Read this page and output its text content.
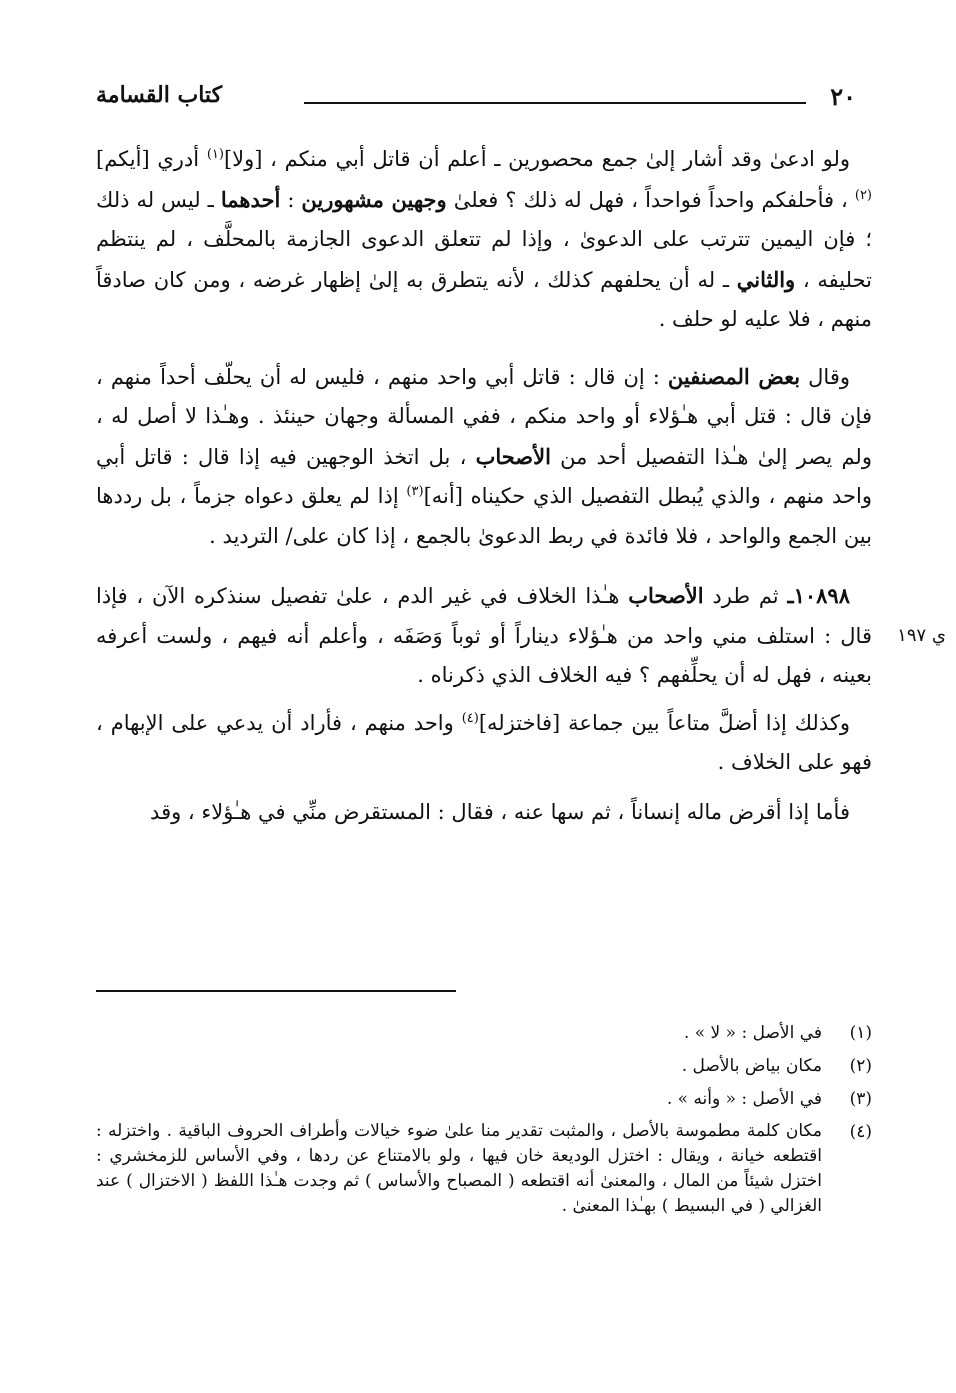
٢٠
كتاب القسامة

ولو ادعىٰ وقد أشار إلىٰ جمع محصورين ـ أعلم أن قاتل أبي منكم ، [ولا]$^{(١)}$ أدري [أيكم]$^{(٢)}$ ، فأحلفكم واحداً فواحداً ، فهل له ذلك ؟ فعلىٰ وجهين مشهورين : أحدهما ـ ليس له ذلك ؛ فإن اليمين تترتب على الدعوىٰ ، وإذا لم تتعلق الدعوى الجازمة بالمحلَّف ، لم ينتظم تحليفه ، والثاني ـ له أن يحلفهم كذلك ، لأنه يتطرق به إلىٰ إظهار غرضه ، ومن كان صادقاً منهم ، فلا عليه لو حلف .

وقال بعض المصنفين : إن قال : قاتل أبي واحد منهم ، فليس له أن يحلّف أحداً منهم ، فإن قال : قتل أبي هـٰؤلاء أو واحد منكم ، ففي المسألة وجهان حينئذ . وهـٰذا لا أصل له ، ولم يصر إلىٰ هـٰذا التفصيل أحد من الأصحاب ، بل اتخذ الوجهين فيه إذا قال : قاتل أبي واحد منهم ، والذي يُبطل التفصيل الذي حكيناه [أنه]$^{(٣)}$ إذا لم يعلق دعواه جزماً ، بل رددها بين الجمع والواحد ، فلا فائدة في ربط الدعوىٰ بالجمع ، إذا كان على/ الترديد .

١٠٨٩٨ـ ثم طرد الأصحاب هـٰذا الخلاف في غير الدم ، علىٰ تفصيل سنذكره الآن ، فإذا قال : استلف مني واحد من هـٰؤلاء ديناراً أو ثوباً وَصَفَه ، وأعلم أنه فيهم ، ولست أعرفه بعينه ، فهل له أن يحلِّفهم ؟ فيه الخلاف الذي ذكرناه .

وكذلك إذا أضلَّ متاعاً بين جماعة [فاختزله]$^{(٤)}$ واحد منهم ، فأراد أن يدعي على الإبهام ، فهو على الخلاف .

فأما إذا أقرض ماله إنساناً ، ثم سها عنه ، فقال : المستقرض منِّي في هـٰؤلاء ، وقد

ي ١٩٧
(١)
في الأصل : « لا » .
(٢)
مكان بياض بالأصل .
(٣)
في الأصل : « وأنه » .
(٤)
مكان كلمة مطموسة بالأصل ، والمثبت تقدير منا علىٰ ضوء خيالات وأطراف الحروف الباقية . واختزله : اقتطعه خيانة ، ويقال : اختزل الوديعة خان فيها ، ولو بالامتناع عن ردها ، وفي الأساس للزمخشري : اختزل شيئاً من المال ، والمعنىٰ أنه اقتطعه ( المصباح والأساس ) ثم وجدت هـٰذا اللفظ ( الاختزال ) عند الغزالي ( في البسيط ) بهـٰذا المعنىٰ .
